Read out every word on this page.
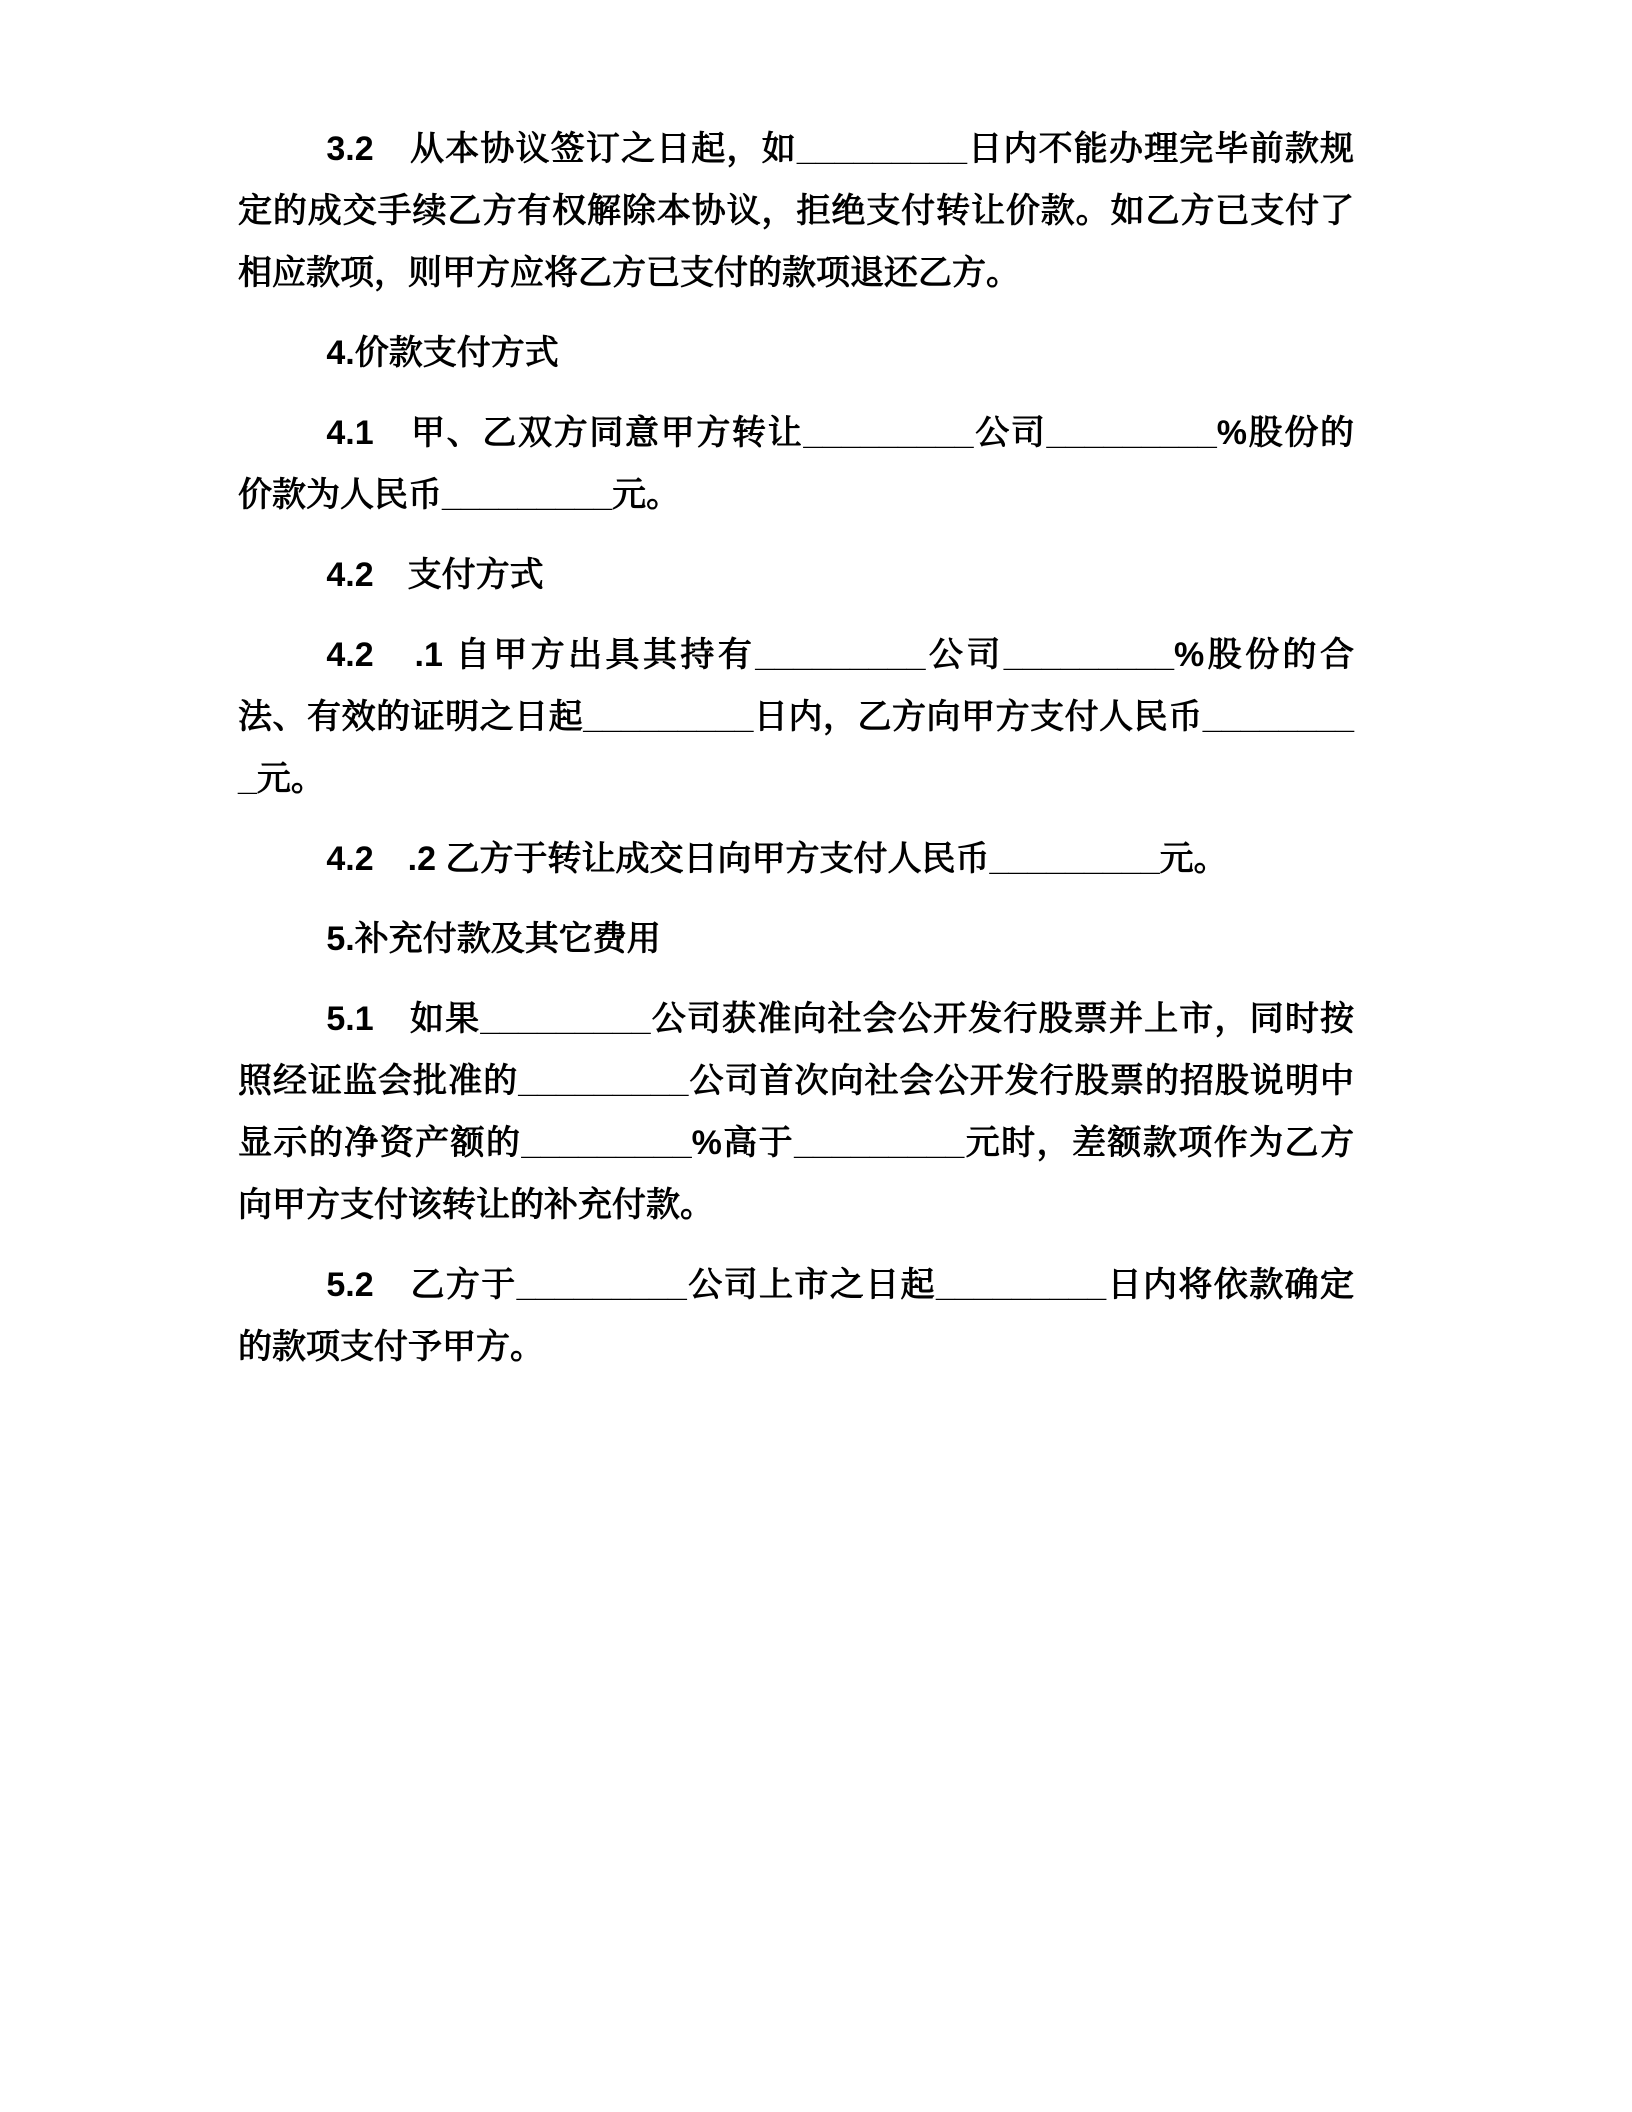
3.2　从本协议签订之日起，如_________日内不能办理完毕前款规定的成交手续乙方有权解除本协议，拒绝支付转让价款。如乙方已支付了相应款项，则甲方应将乙方已支付的款项退还乙方。

4.价款支付方式

4.1　甲、乙双方同意甲方转让_________公司_________%股份的价款为人民币_________元。

4.2　支付方式

4.2　.1 自甲方出具其持有_________公司_________%股份的合法、有效的证明之日起_________日内，乙方向甲方支付人民币_________元。

4.2　.2 乙方于转让成交日向甲方支付人民币_________元。

5.补充付款及其它费用

5.1　如果_________公司获准向社会公开发行股票并上市，同时按照经证监会批准的_________公司首次向社会公开发行股票的招股说明中显示的净资产额的_________%高于_________元时，差额款项作为乙方向甲方支付该转让的补充付款。

5.2　乙方于_________公司上市之日起_________日内将依款确定的款项支付予甲方。
